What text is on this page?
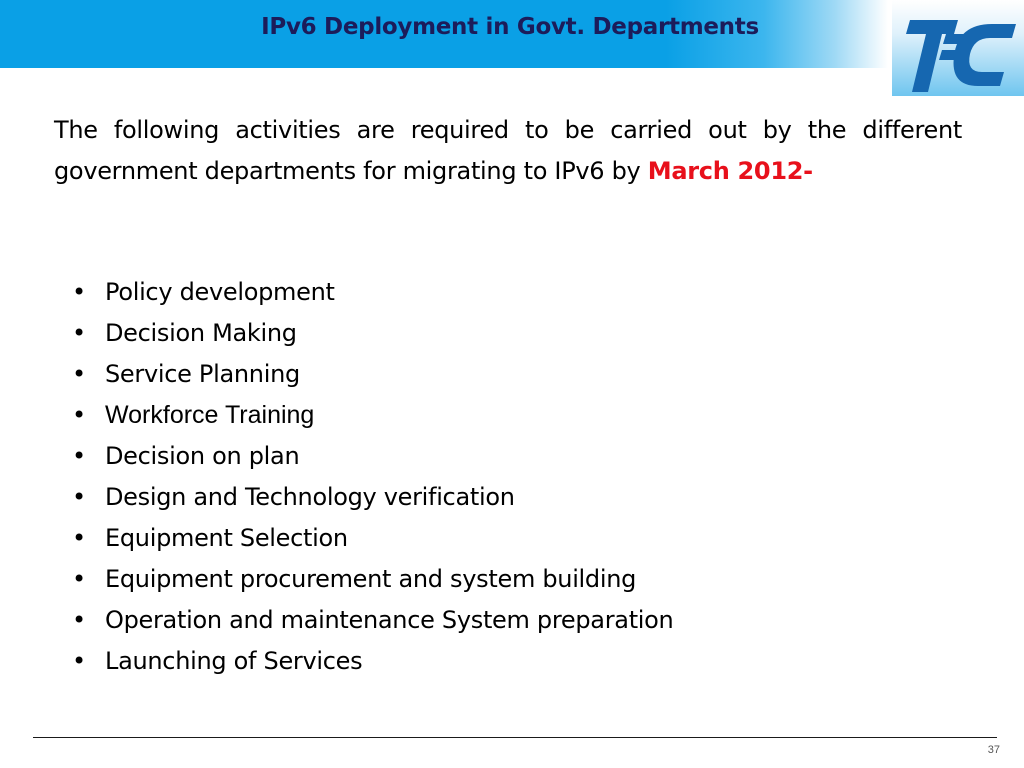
IPv6 Deployment in Govt. Departments
The following activities are required to be carried out by the different government departments for migrating to IPv6 by March 2012-
• Policy development
• Decision Making
• Service Planning
• Workforce Training
• Decision on plan
• Design and Technology verification
• Equipment Selection
• Equipment procurement and system building
• Operation and maintenance System preparation
• Launching of Services
37
